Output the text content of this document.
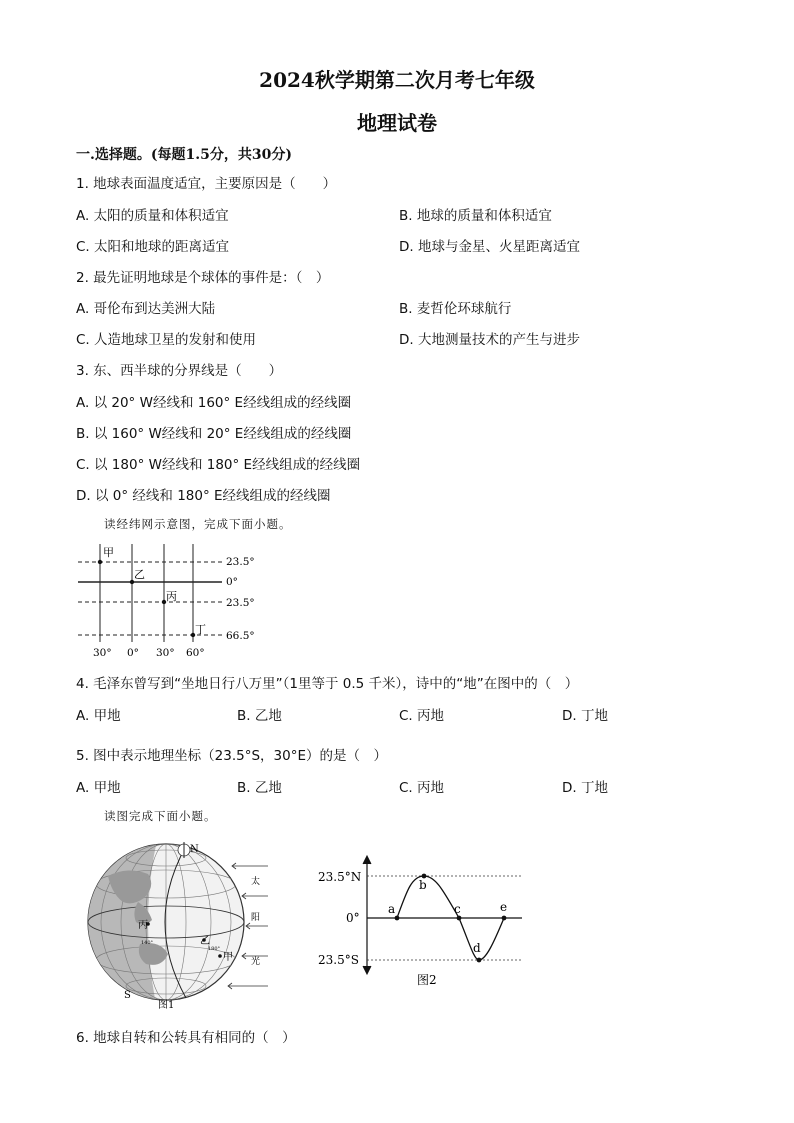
2024秋学期第二次月考七年级
地理试卷
一.选择题。(每题1.5分，共30分)
1. 地球表面温度适宜，主要原因是（　　）
A. 太阳的质量和体积适宜	B. 地球的质量和体积适宜
C. 太阳和地球的距离适宜	D. 地球与金星、火星距离适宜
2. 最先证明地球是个球体的事件是：（　）
A. 哥伦布到达美洲大陆	B. 麦哲伦环球航行
C. 人造地球卫星的发射和使用	D. 大地测量技术的产生与进步
3. 东、西半球的分界线是（　　）
A. 以 20° W经线和 160° E经线组成的经线圈
B. 以 160° W经线和 20° E经线组成的经线圈
C. 以 180° W经线和 180° E经线组成的经线圈
D. 以 0° 经线和 180° E经线组成的经线圈
读经纬网示意图，完成下面小题。
甲
乙
丙
丁
23.5°
0°
23.5°
66.5°
30° 0° 30° 60°
4. 毛泽东曾写到“坐地日行八万里”（1里等于 0.5 千米），诗中的“地”在图中的（　）
A. 甲地	B. 乙地	C. 丙地	D. 丁地
5. 图中表示地理坐标（23.5°S，30°E）的是（　）
A. 甲地	B. 乙地	C. 丙地	D. 丁地
读图完成下面小题。
丙
乙
甲
140°
180°
N
S
图1
太
阳
光
a
b
c
d
e
23.5°N
0°
23.5°S
图2
6. 地球自转和公转具有相同的（　）
